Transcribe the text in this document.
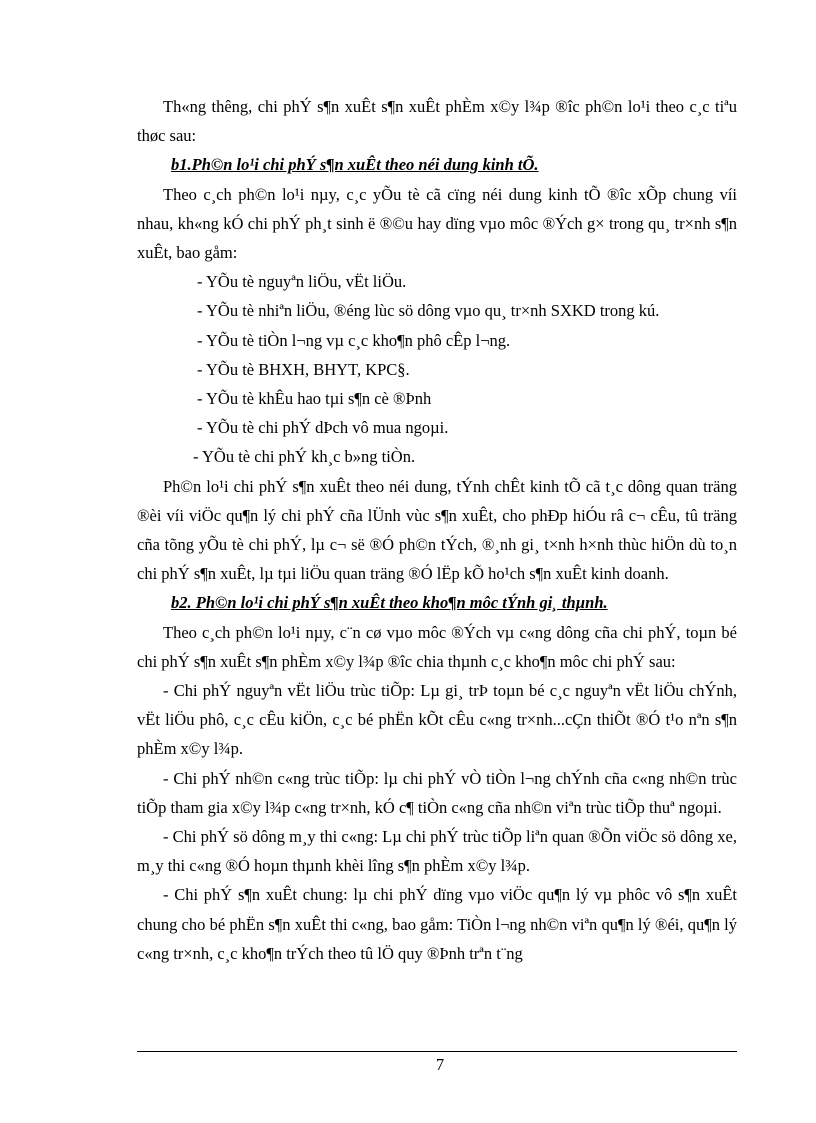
Th«ng thêng, chi phÝ s¶n xuÊt s¶n xuÊt phÈm x©y l¾p ®îc ph©n lo¹i theo c¸c tiªu thøc sau:

b1.Ph©n lo¹i chi phÝ s¶n xuÊt theo néi dung kinh tÕ.

Theo c¸ch ph©n lo¹i nµy, c¸c yÕu tè cã cïng néi dung kinh tÕ ®îc xÕp chung víi nhau, kh«ng kÓ chi phÝ ph¸t sinh ë ®©u hay dïng vµo môc ®Ých g× trong qu¸ tr×nh s¶n xuÊt, bao gåm:

- YÕu tè nguyªn liÖu, vËt liÖu.
- YÕu tè nhiªn liÖu, ®éng lùc sö dông vµo qu¸ tr×nh SXKD trong kú.
- YÕu tè tiÒn l¬ng vµ c¸c kho¶n phô cÊp l¬ng.
- YÕu tè BHXH, BHYT, KPC§.
- YÕu tè khÊu hao tµi s¶n cè ®Þnh
- YÕu tè chi phÝ dÞch vô mua ngoµi.
- YÕu tè chi phÝ kh¸c b»ng tiÒn.

Ph©n lo¹i chi phÝ s¶n xuÊt theo néi dung, tÝnh chÊt kinh tÕ cã t¸c dông quan träng ®èi víi viÖc qu¶n lý chi phÝ cña lÜnh vùc s¶n xuÊt, cho phÐp hiÓu râ c¬ cÊu, tû träng cña tõng yÕu tè chi phÝ, lµ c¬ së ®Ó ph©n tÝch, ®¸nh gi¸ t×nh h×nh thùc hiÖn dù to¸n chi phÝ s¶n xuÊt, lµ tµi liÖu quan träng ®Ó lËp kÕ ho¹ch s¶n xuÊt kinh doanh.

b2. Ph©n lo¹i chi phÝ s¶n xuÊt theo kho¶n môc tÝnh gi¸ thµnh.

Theo c¸ch ph©n lo¹i nµy, c¨n cø vµo môc ®Ých vµ c«ng dông cña chi phÝ, toµn bé chi phÝ s¶n xuÊt s¶n phÈm x©y l¾p ®îc chia thµnh c¸c kho¶n môc chi phÝ sau:

- Chi phÝ nguyªn vËt liÖu trùc tiÕp: Lµ gi¸ trÞ toµn bé c¸c nguyªn vËt liÖu chÝnh, vËt liÖu phô, c¸c cÊu kiÖn, c¸c bé phËn kÕt cÊu c«ng tr×nh...cÇn thiÕt ®Ó t¹o nªn s¶n phÈm x©y l¾p.

- Chi phÝ nh©n c«ng trùc tiÕp: lµ chi phÝ vÒ tiÒn l¬ng chÝnh cña c«ng nh©n trùc tiÕp tham gia x©y l¾p c«ng tr×nh, kÓ c¶ tiÒn c«ng cña nh©n viªn trùc tiÕp thuª ngoµi.

- Chi phÝ sö dông m¸y thi c«ng: Lµ chi phÝ trùc tiÕp liªn quan ®Õn viÖc sö dông xe, m¸y thi c«ng ®Ó hoµn thµnh khèi lîng s¶n phÈm x©y l¾p.

- Chi phÝ s¶n xuÊt chung: lµ chi phÝ dïng vµo viÖc qu¶n lý vµ phôc vô s¶n xuÊt chung cho bé phËn s¶n xuÊt thi c«ng, bao gåm: TiÒn l¬ng nh©n viªn qu¶n lý ®éi, qu¶n lý c«ng tr×nh, c¸c kho¶n trÝch theo tû lÖ quy ®Þnh trªn t¨ng

7
